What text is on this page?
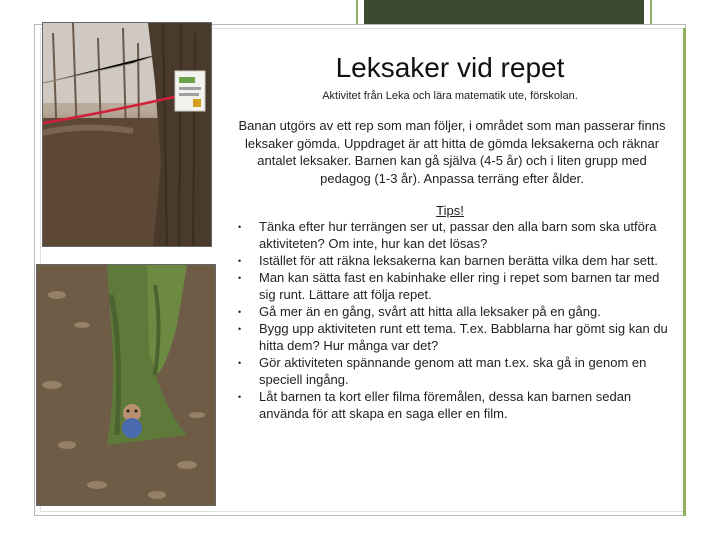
Leksaker vid repet
Aktivitet från Leka och lära matematik ute, förskolan.
Banan utgörs av ett rep som man följer, i området som man passerar finns leksaker gömda. Uppdraget är att hitta de gömda leksakerna och räknar antalet leksaker. Barnen kan gå själva (4-5 år) och i liten grupp med pedagog (1-3 år). Anpassa terräng efter ålder.
Tips!
• Tänka efter hur terrängen ser ut, passar den alla barn som ska utföra aktiviteten? Om inte, hur kan det lösas?
• Istället för att räkna leksakerna kan barnen berätta vilka dem har sett.
• Man kan sätta fast en kabinhake eller ring i repet som barnen tar med sig runt. Lättare att följa repet.
• Gå mer än en gång, svårt att hitta alla leksaker på en gång.
• Bygg upp aktiviteten runt ett tema. T.ex. Babblarna har gömt sig kan du hitta dem? Hur många var det?
• Gör aktiviteten spännande genom att man t.ex. ska gå in genom en speciell ingång.
• Låt barnen ta kort eller filma föremålen, dessa kan barnen sedan använda för att skapa en saga eller en film.
